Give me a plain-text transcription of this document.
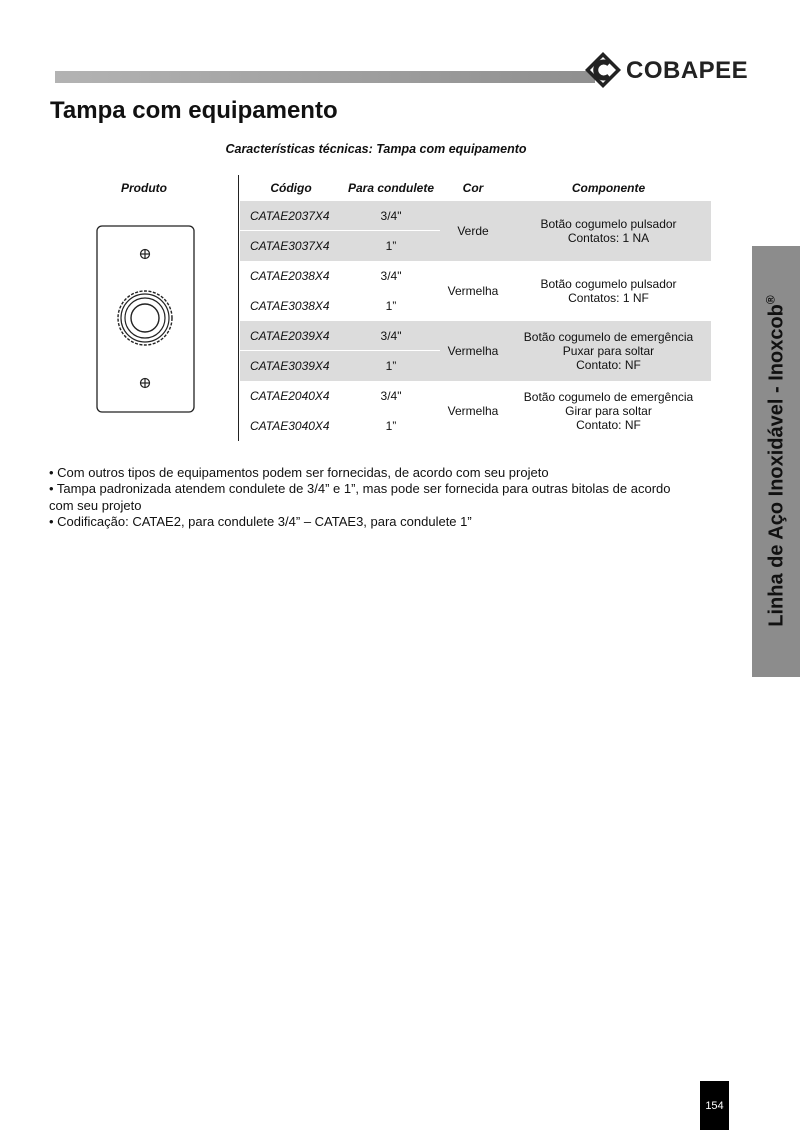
COBAPEE
Tampa com equipamento
Características técnicas: Tampa com equipamento
Produto	Código	Para condulete	Cor	Componente
CATAE2037X4	3/4"
CATAE3037X4	1”
Verde	Botão cogumelo pulsador
Contatos: 1 NA
CATAE2038X4	3/4"
CATAE3038X4	1”
Vermelha	Botão cogumelo pulsador
Contatos: 1 NF
CATAE2039X4	3/4"
CATAE3039X4	1”
Vermelha
Botão cogumelo de emergência
Puxar para soltar
Contato: NF
CATAE2040X4	3/4"
CATAE3040X4	1”
Vermelha
Botão cogumelo de emergência
Girar para soltar
Contato: NF
• Com outros tipos de equipamentos podem ser fornecidas, de acordo com seu projeto
• Tampa padronizada atendem condulete de 3/4” e 1”, mas pode ser fornecida para outras bitolas de acordo com seu projeto
• Codificação: CATAE2, para condulete 3/4” – CATAE3, para condulete 1”	Linha de Aço Inoxidável - Inoxcob®
154
